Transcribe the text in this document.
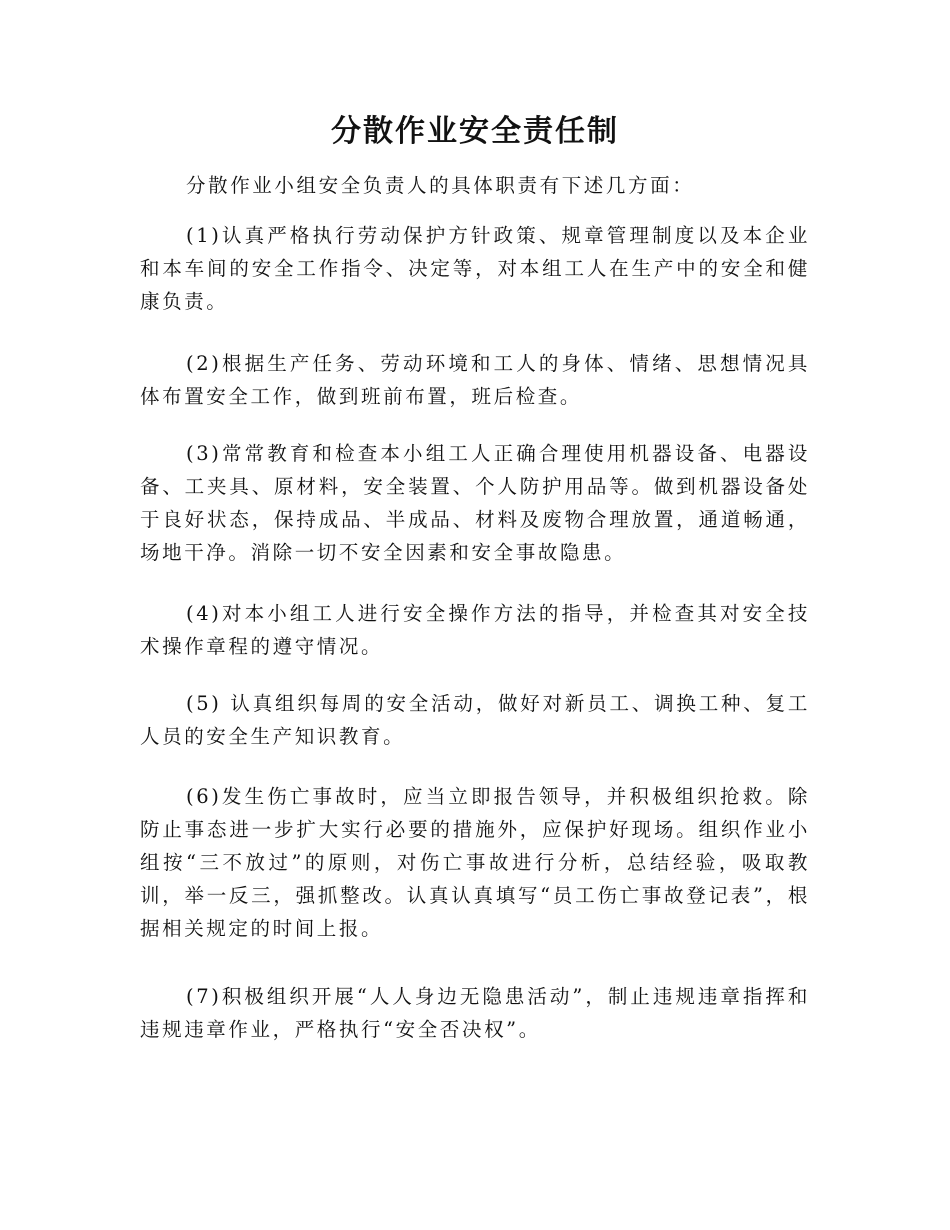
分散作业安全责任制

分散作业小组安全负责人的具体职责有下述几方面：

(1)认真严格执行劳动保护方针政策、规章管理制度以及本企业和本车间的安全工作指令、决定等，对本组工人在生产中的安全和健康负责。

(2)根据生产任务、劳动环境和工人的身体、情绪、思想情况具体布置安全工作，做到班前布置，班后检查。

(3)常常教育和检查本小组工人正确合理使用机器设备、电器设备、工夹具、原材料，安全装置、个人防护用品等。做到机器设备处于良好状态，保持成品、半成品、材料及废物合理放置，通道畅通，场地干净。消除一切不安全因素和安全事故隐患。

(4)对本小组工人进行安全操作方法的指导，并检查其对安全技术操作章程的遵守情况。

(5) 认真组织每周的安全活动，做好对新员工、调换工种、复工人员的安全生产知识教育。

(6)发生伤亡事故时，应当立即报告领导，并积极组织抢救。除防止事态进一步扩大实行必要的措施外，应保护好现场。组织作业小组按“三不放过”的原则，对伤亡事故进行分析，总结经验，吸取教训，举一反三，强抓整改。认真认真填写“员工伤亡事故登记表”，根据相关规定的时间上报。

(7)积极组织开展“人人身边无隐患活动”，制止违规违章指挥和违规违章作业，严格执行“安全否决权”。
